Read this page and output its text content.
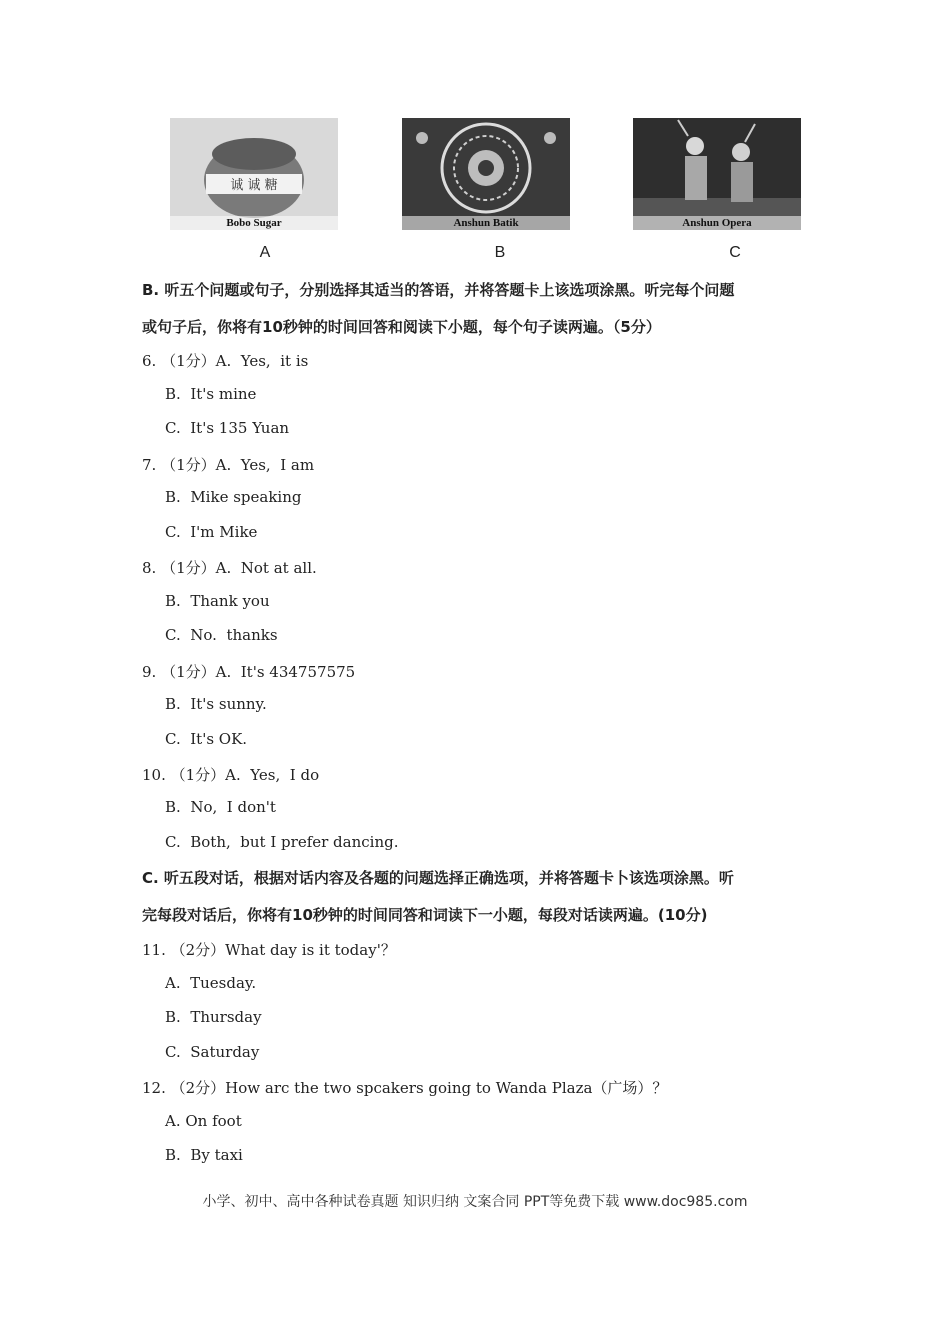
诚 诚 糖
Bobo Sugar	Anshun Batik	Anshun Opera
A	B	C
B. 听五个问题或句子，分别选择其适当的答语，并将答题卡上该选项涂黑。听完每个问题
或句子后，你将有10秒钟的时间回答和阅读下小题，每个句子读两遍。（5分）
6. （1分）A.  Yes,  it is
B.  It's mine
C.  It's 135 Yuan
7. （1分）A.  Yes,  I am
B.  Mike speaking
C.  I'm Mike
8. （1分）A.  Not at all.
B.  Thank you
C.  No.  thanks
9. （1分）A.  It's 434757575
B.  It's sunny.
C.  It's OK.
10. （1分）A.  Yes,  I do
B.  No,  I don't
C.  Both,  but I prefer dancing.
C. 听五段对话，根据对话内容及各题的问题选择正确选项，并将答题卡卜该选项涂黑。听
完每段对话后，你将有10秒钟的时间同答和词读下一小题，每段对话读两遍。(10分)
11. （2分）What day is it today'？
A.  Tuesday.
B.  Thursday
C.  Saturday
12. （2分）How arc the two spcakers going to Wanda Plaza（广场）？
A. On foot
B.  By taxi
小学、初中、高中各种试卷真题 知识归纳 文案合同 PPT等免费下载 www.doc985.com
